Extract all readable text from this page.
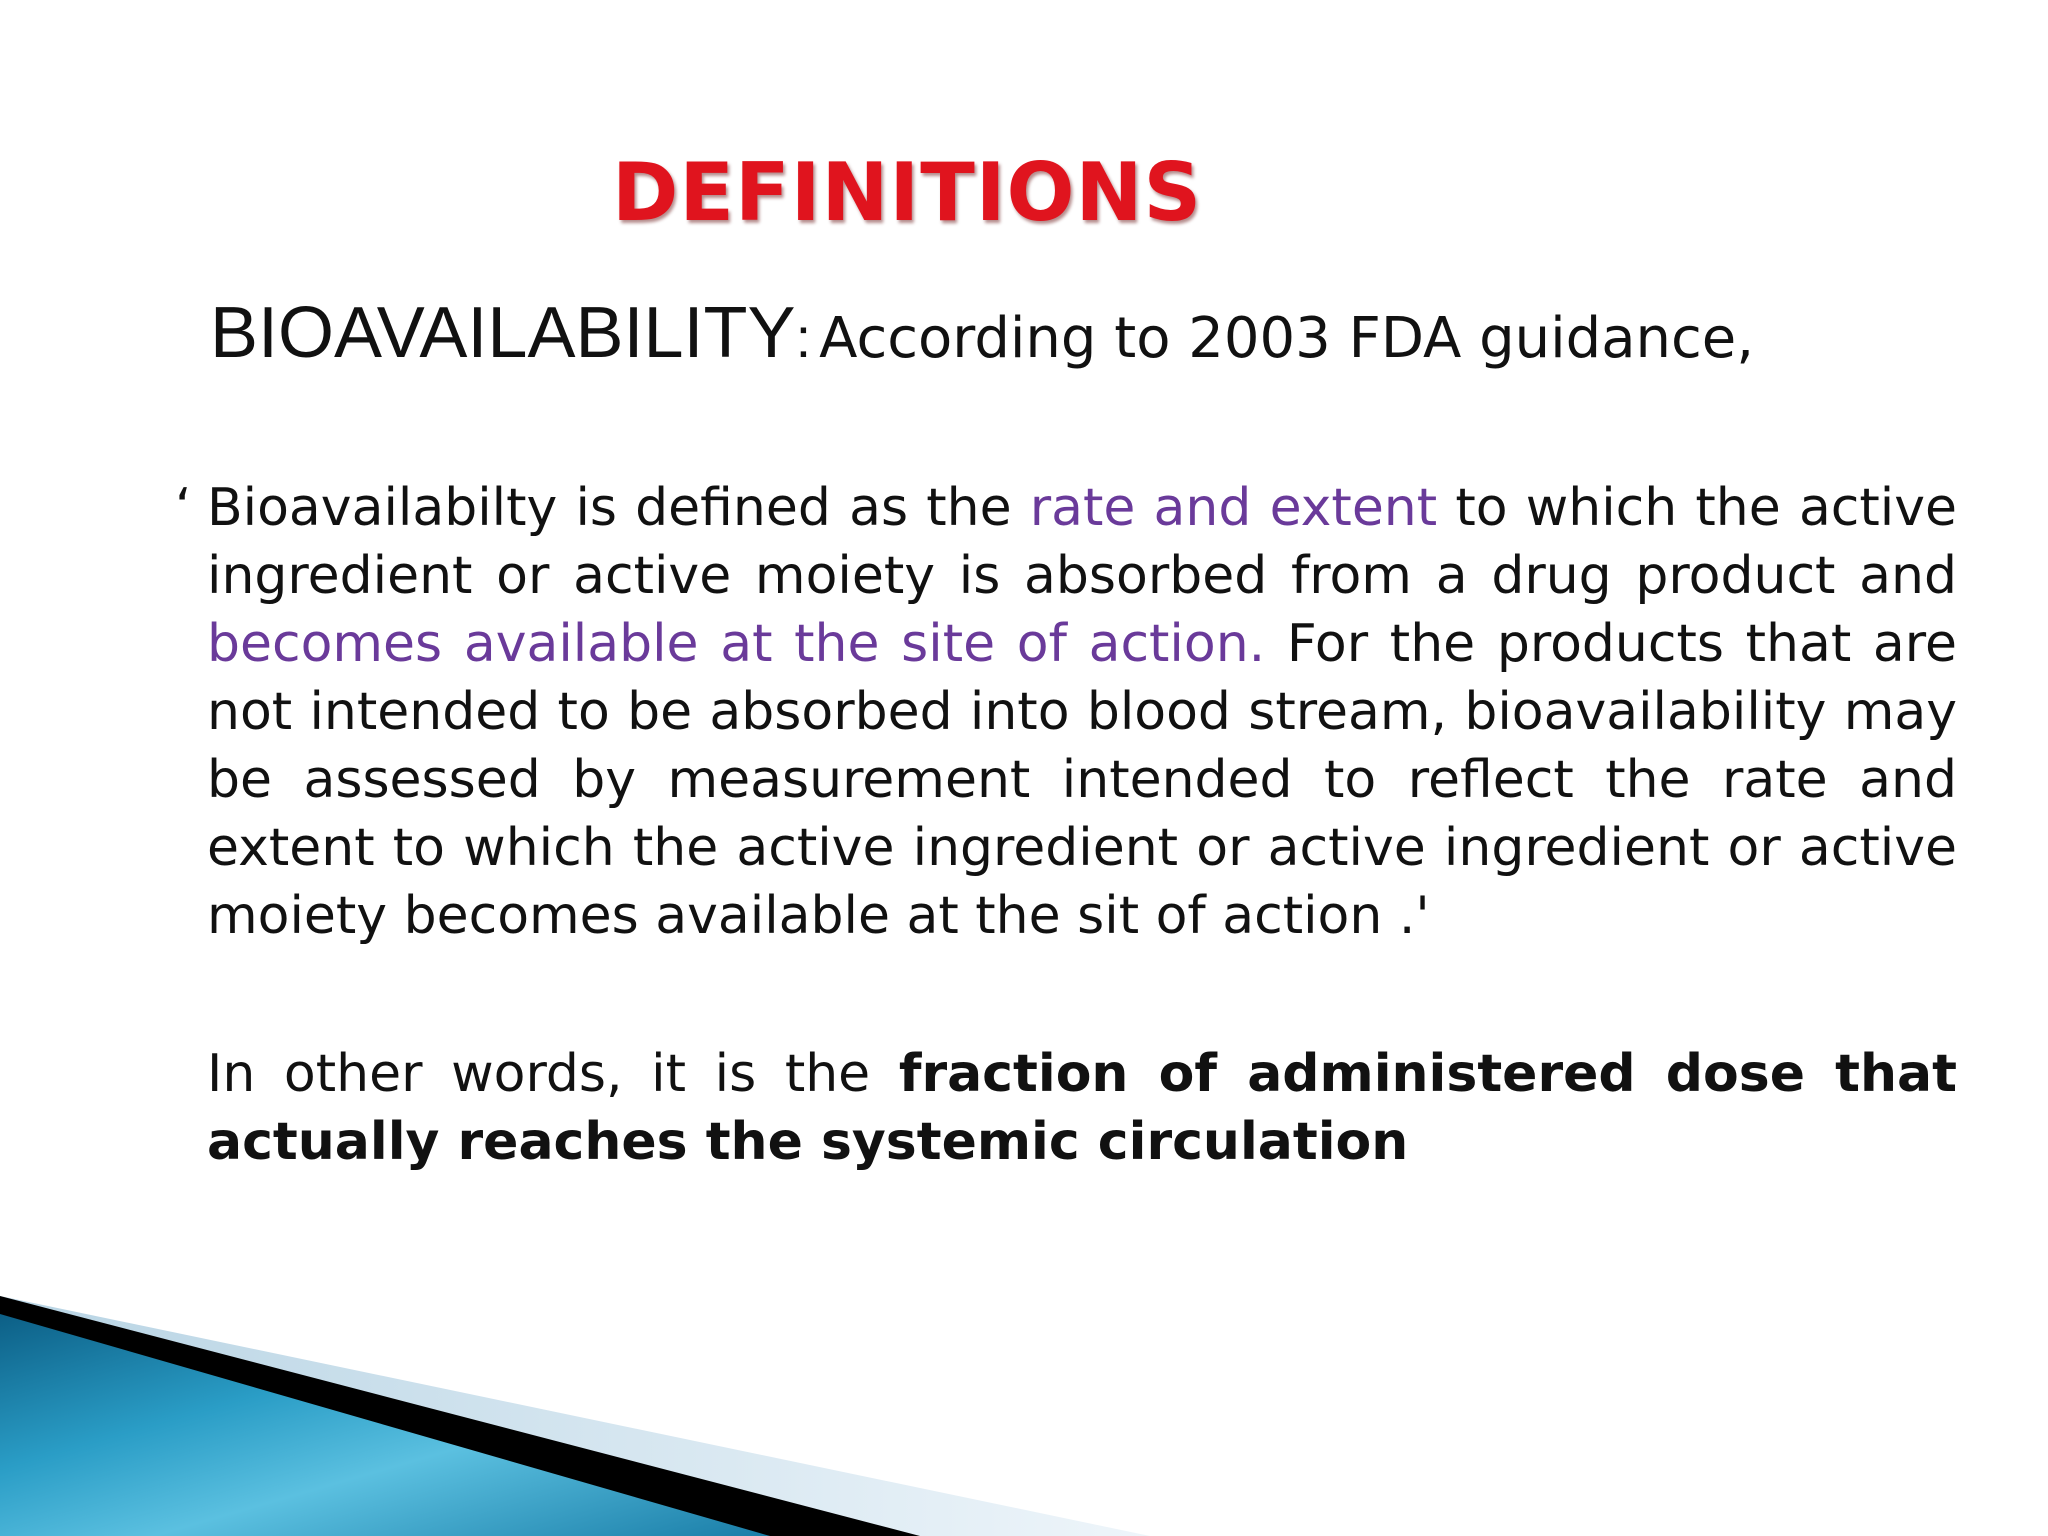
DEFINITIONS
BIOAVAILABILITY: According to 2003 FDA guidance,

‘ Bioavailabilty is defined as the rate and extent to which the active ingredient or active moiety is absorbed from a drug product and becomes available at the site of action. For the products that are not intended to be absorbed into blood stream, bioavailability may be assessed by measurement intended to reflect the rate and extent to which the active ingredient or active ingredient or active moiety becomes available at the sit of action .'

In other words, it is the fraction of administered dose that actually reaches the systemic circulation
